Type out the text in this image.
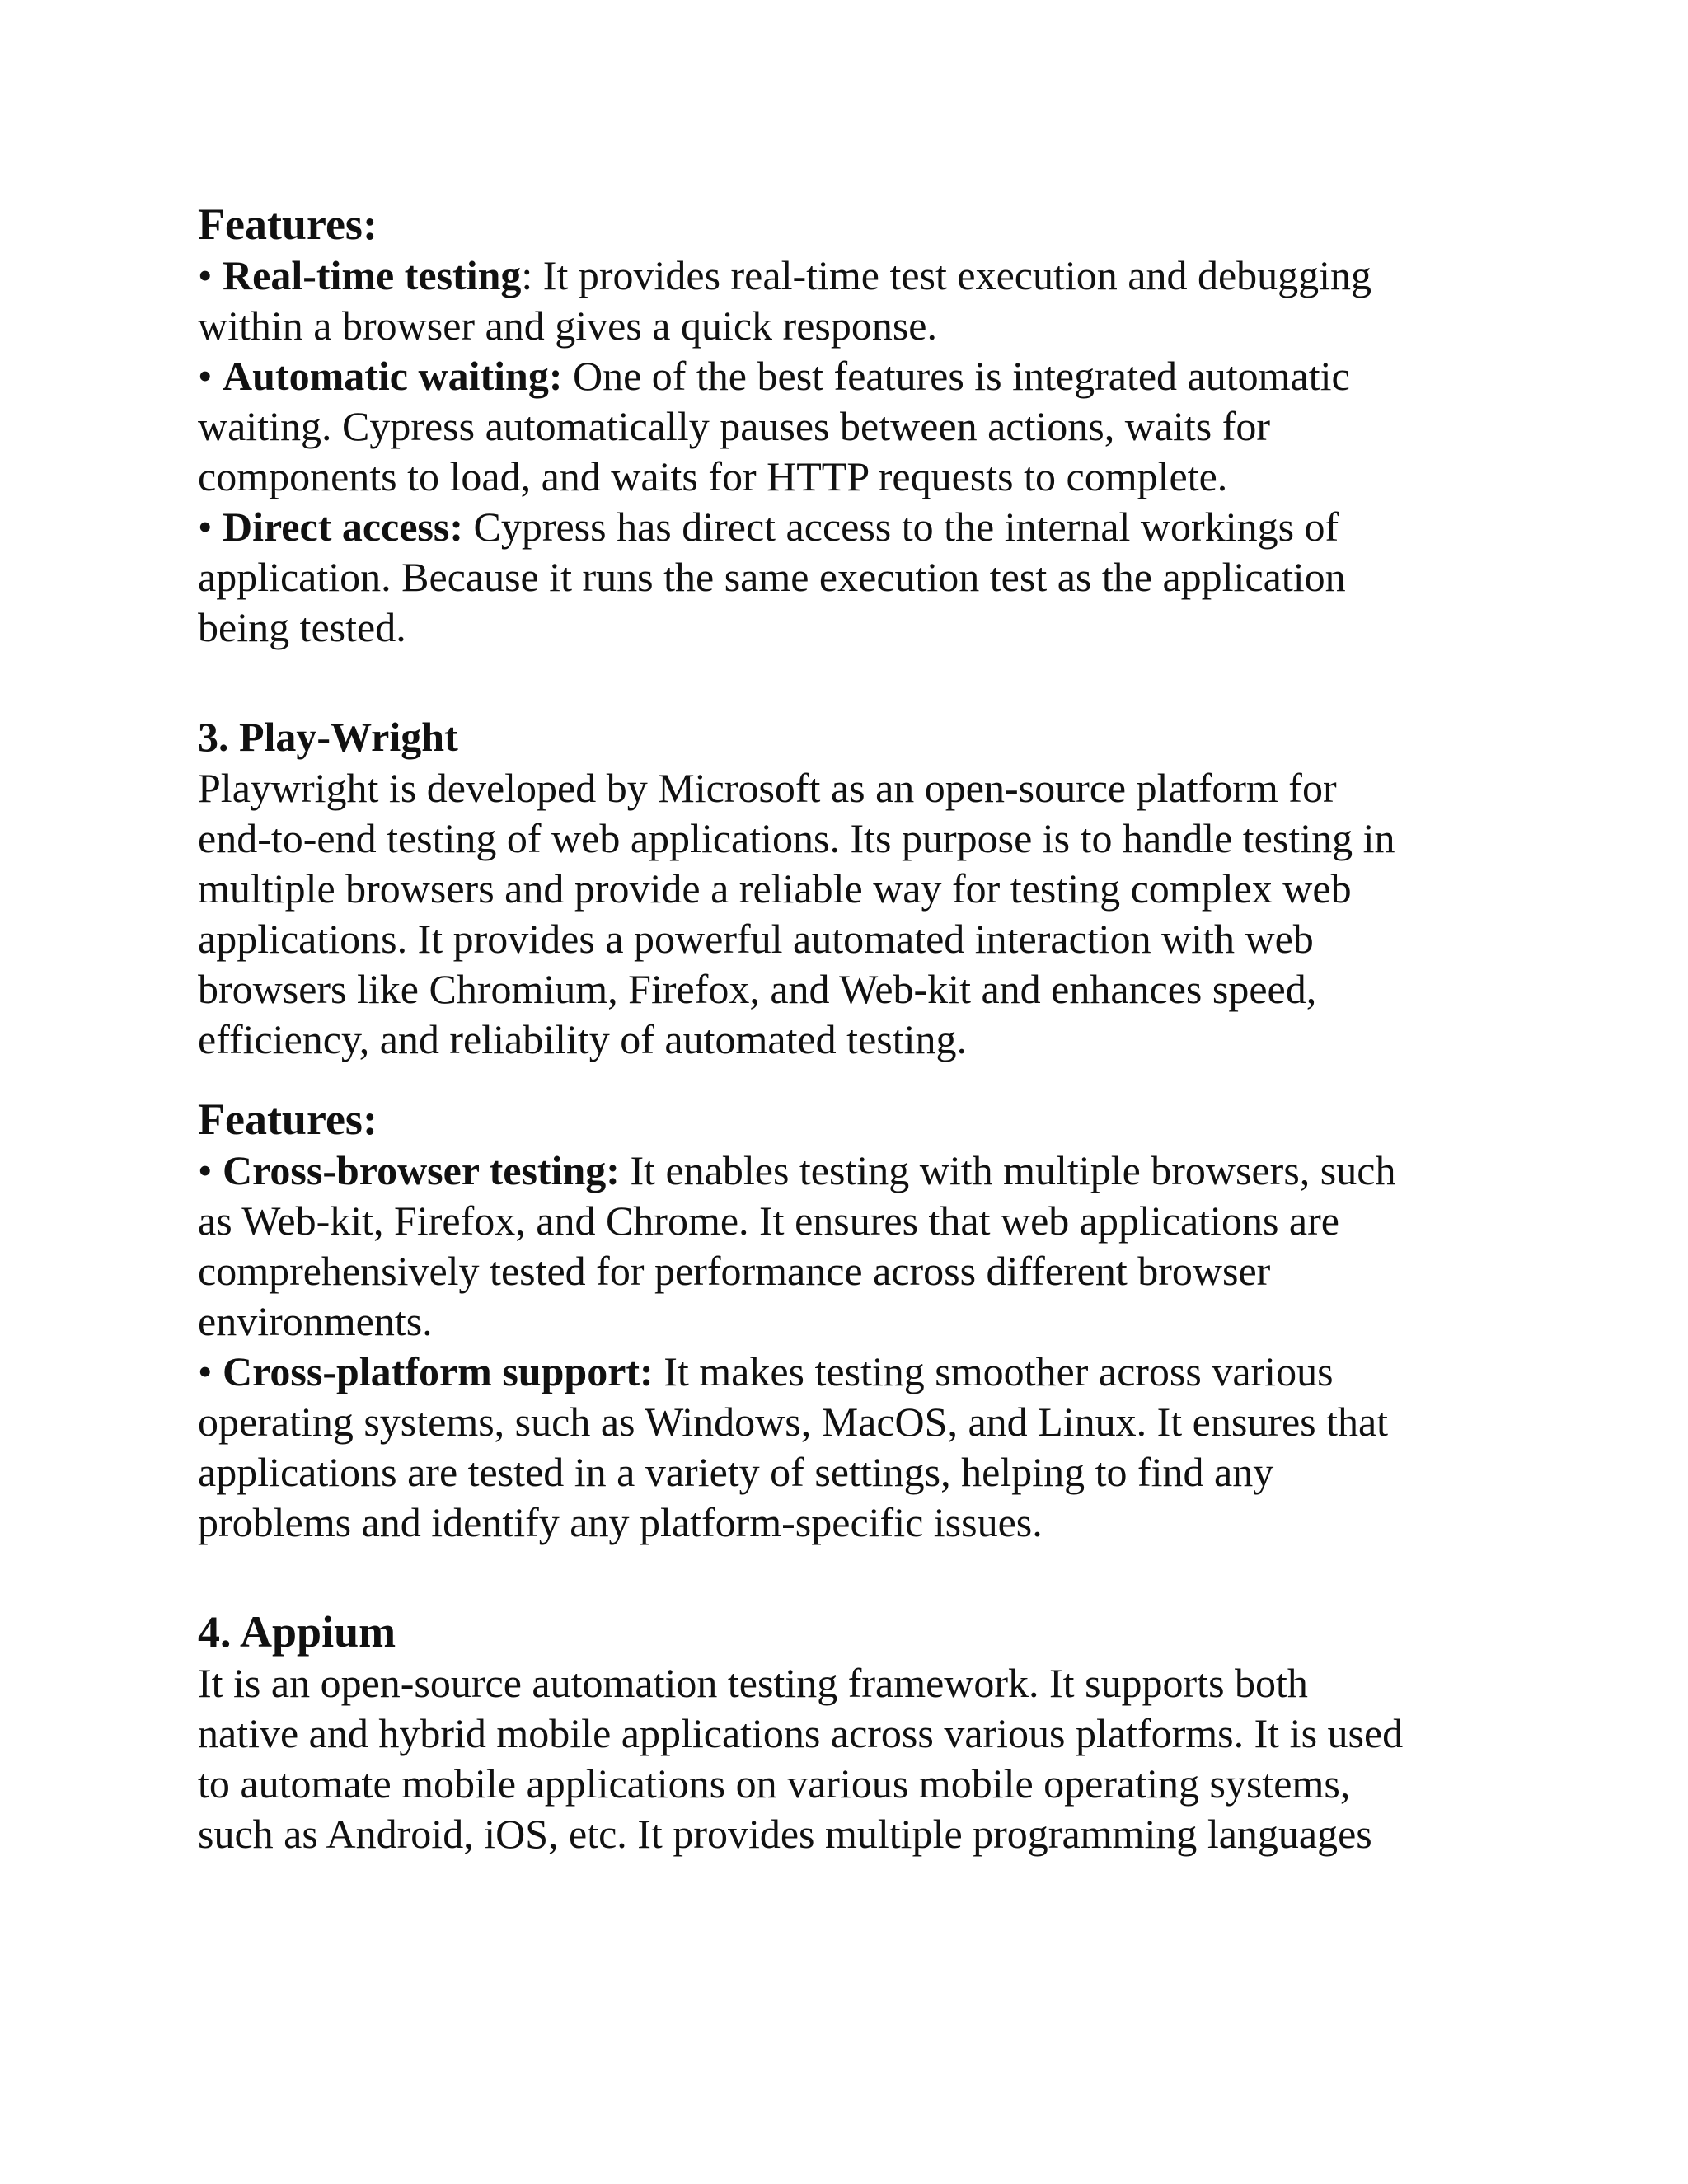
Features:

• Real-time testing: It provides real-time test execution and debugging

within a browser and gives a quick response.

• Automatic waiting: One of the best features is integrated automatic

waiting. Cypress automatically pauses between actions, waits for

components to load, and waits for HTTP requests to complete.

• Direct access: Cypress has direct access to the internal workings of

application. Because it runs the same execution test as the application

being tested.

3. Play-Wright

Playwright is developed by Microsoft as an open-source platform for

end-to-end testing of web applications. Its purpose is to handle testing in

multiple browsers and provide a reliable way for testing complex web

applications. It provides a powerful automated interaction with web

browsers like Chromium, Firefox, and Web-kit and enhances speed,

efficiency, and reliability of automated testing.

Features:

• Cross-browser testing: It enables testing with multiple browsers, such

as Web-kit, Firefox, and Chrome. It ensures that web applications are

comprehensively tested for performance across different browser

environments.

• Cross-platform support: It makes testing smoother across various

operating systems, such as Windows, MacOS, and Linux. It ensures that

applications are tested in a variety of settings, helping to find any

problems and identify any platform-specific issues.

4. Appium

It is an open-source automation testing framework. It supports both

native and hybrid mobile applications across various platforms. It is used

to automate mobile applications on various mobile operating systems,

such as Android, iOS, etc. It provides multiple programming languages
